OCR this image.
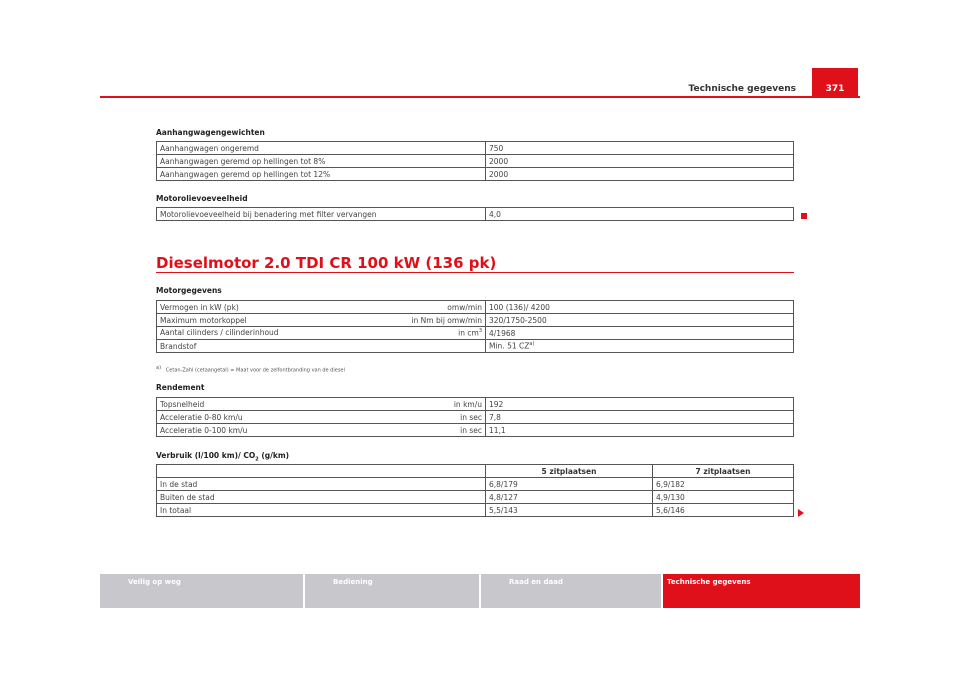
Technische gegevens	371
Aanhangwagengewichten
Aanhangwagen ongeremd	750
Aanhangwagen geremd op hellingen tot 8%	2000
Aanhangwagen geremd op hellingen tot 12%	2000
Motorolievoeveelheid
Motorolievoeveelheid bij benadering met filter vervangen	4,0
Dieselmotor 2.0 TDI CR 100 kW (136 pk)
Motorgegevens
Vermogen in kW (pk) omw/min	100 (136)/ 4200
Maximum motorkoppel in Nm bij omw/min	320/1750-2500
Aantal cilinders / cilinderinhoud in $cm^3$	4/1968
Brandstof	Min. 51 CZ$^{a)}$
$^{a)}$ Cetan-Zahl (cetaangetal) = Maat voor de zelfontbranding van de diesel
Rendement
Topsnelheid in km/u	192
Acceleratie 0-80 km/u in sec	7,8
Acceleratie 0-100 km/u in sec	11,1
Verbruik (l/100 km)/ $CO_2$ (g/km)
	5 zitplaatsen	7 zitplaatsen
In de stad	6,8/179	6,9/182
Buiten de stad	4,8/127	4,9/130
In totaal	5,5/143	5,6/146
Veilig op weg	Bediening	Raad en daad	Technische gegevens
